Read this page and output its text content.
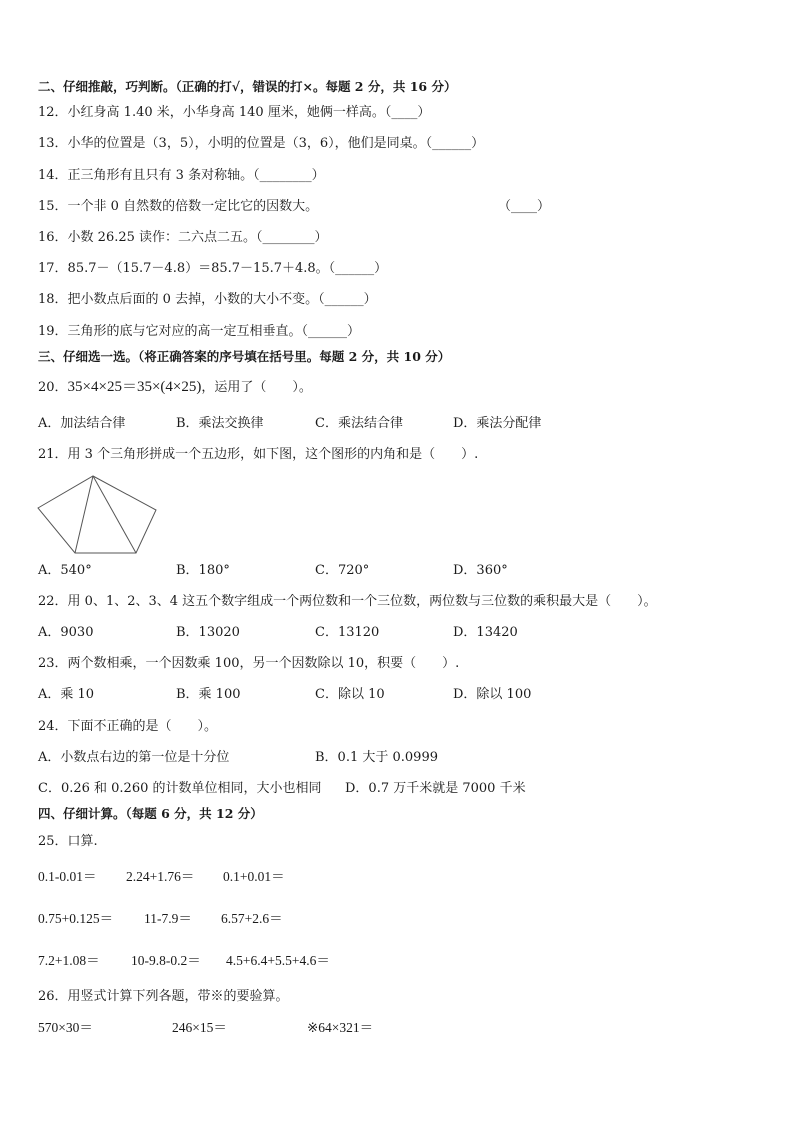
二、仔细推敲，巧判断。（正确的打√，错误的打×。每题 2 分，共 16 分）
12．小红身高 1.40 米，小华身高 140 厘米，她俩一样高。（____）
13．小华的位置是（3，5），小明的位置是（3，6），他们是同桌。（______）
14．正三角形有且只有 3 条对称轴。（________）
15．一个非 0 自然数的倍数一定比它的因数大。	（____）
16．小数 26.25 读作：二六点二五。（________）
17．85.7－（15.7－4.8）＝85.7－15.7＋4.8。（______）
18．把小数点后面的 0 去掉，小数的大小不变。（______）
19．三角形的底与它对应的高一定互相垂直。（______）
三、仔细选一选。（将正确答案的序号填在括号里。每题 2 分，共 10 分）
20．35×4×25＝35×(4×25)，运用了（　　）。
A．加法结合律	B．乘法交换律	C．乘法结合律	D．乘法分配律
21．用 3 个三角形拼成一个五边形，如下图，这个图形的内角和是（　　）.
A．540°	B．180°	C．720°	D．360°
22．用 0、1、2、3、4 这五个数字组成一个两位数和一个三位数，两位数与三位数的乘积最大是（　　）。
A．9030	B．13020	C．13120	D．13420
23．两个数相乘，一个因数乘 100，另一个因数除以 10，积要（　　）.
A．乘 10	B．乘 100	C．除以 10	D．除以 100
24．下面不正确的是（　　）。
A．小数点右边的第一位是十分位	B．0.1 大于 0.0999
C．0.26 和 0.260 的计数单位相同，大小也相同 D．0.7 万千米就是 7000 千米
四、仔细计算。（每题 6 分，共 12 分）
25．口算.
0.1-0.01＝ 2.24+1.76＝ 0.1+0.01＝
0.75+0.125＝ 11-7.9＝ 6.57+2.6＝
7.2+1.08＝ 10-9.8-0.2＝ 4.5+6.4+5.5+4.6＝
26．用竖式计算下列各题，带※的要验算。
570×30＝	246×15＝	※64×321＝
